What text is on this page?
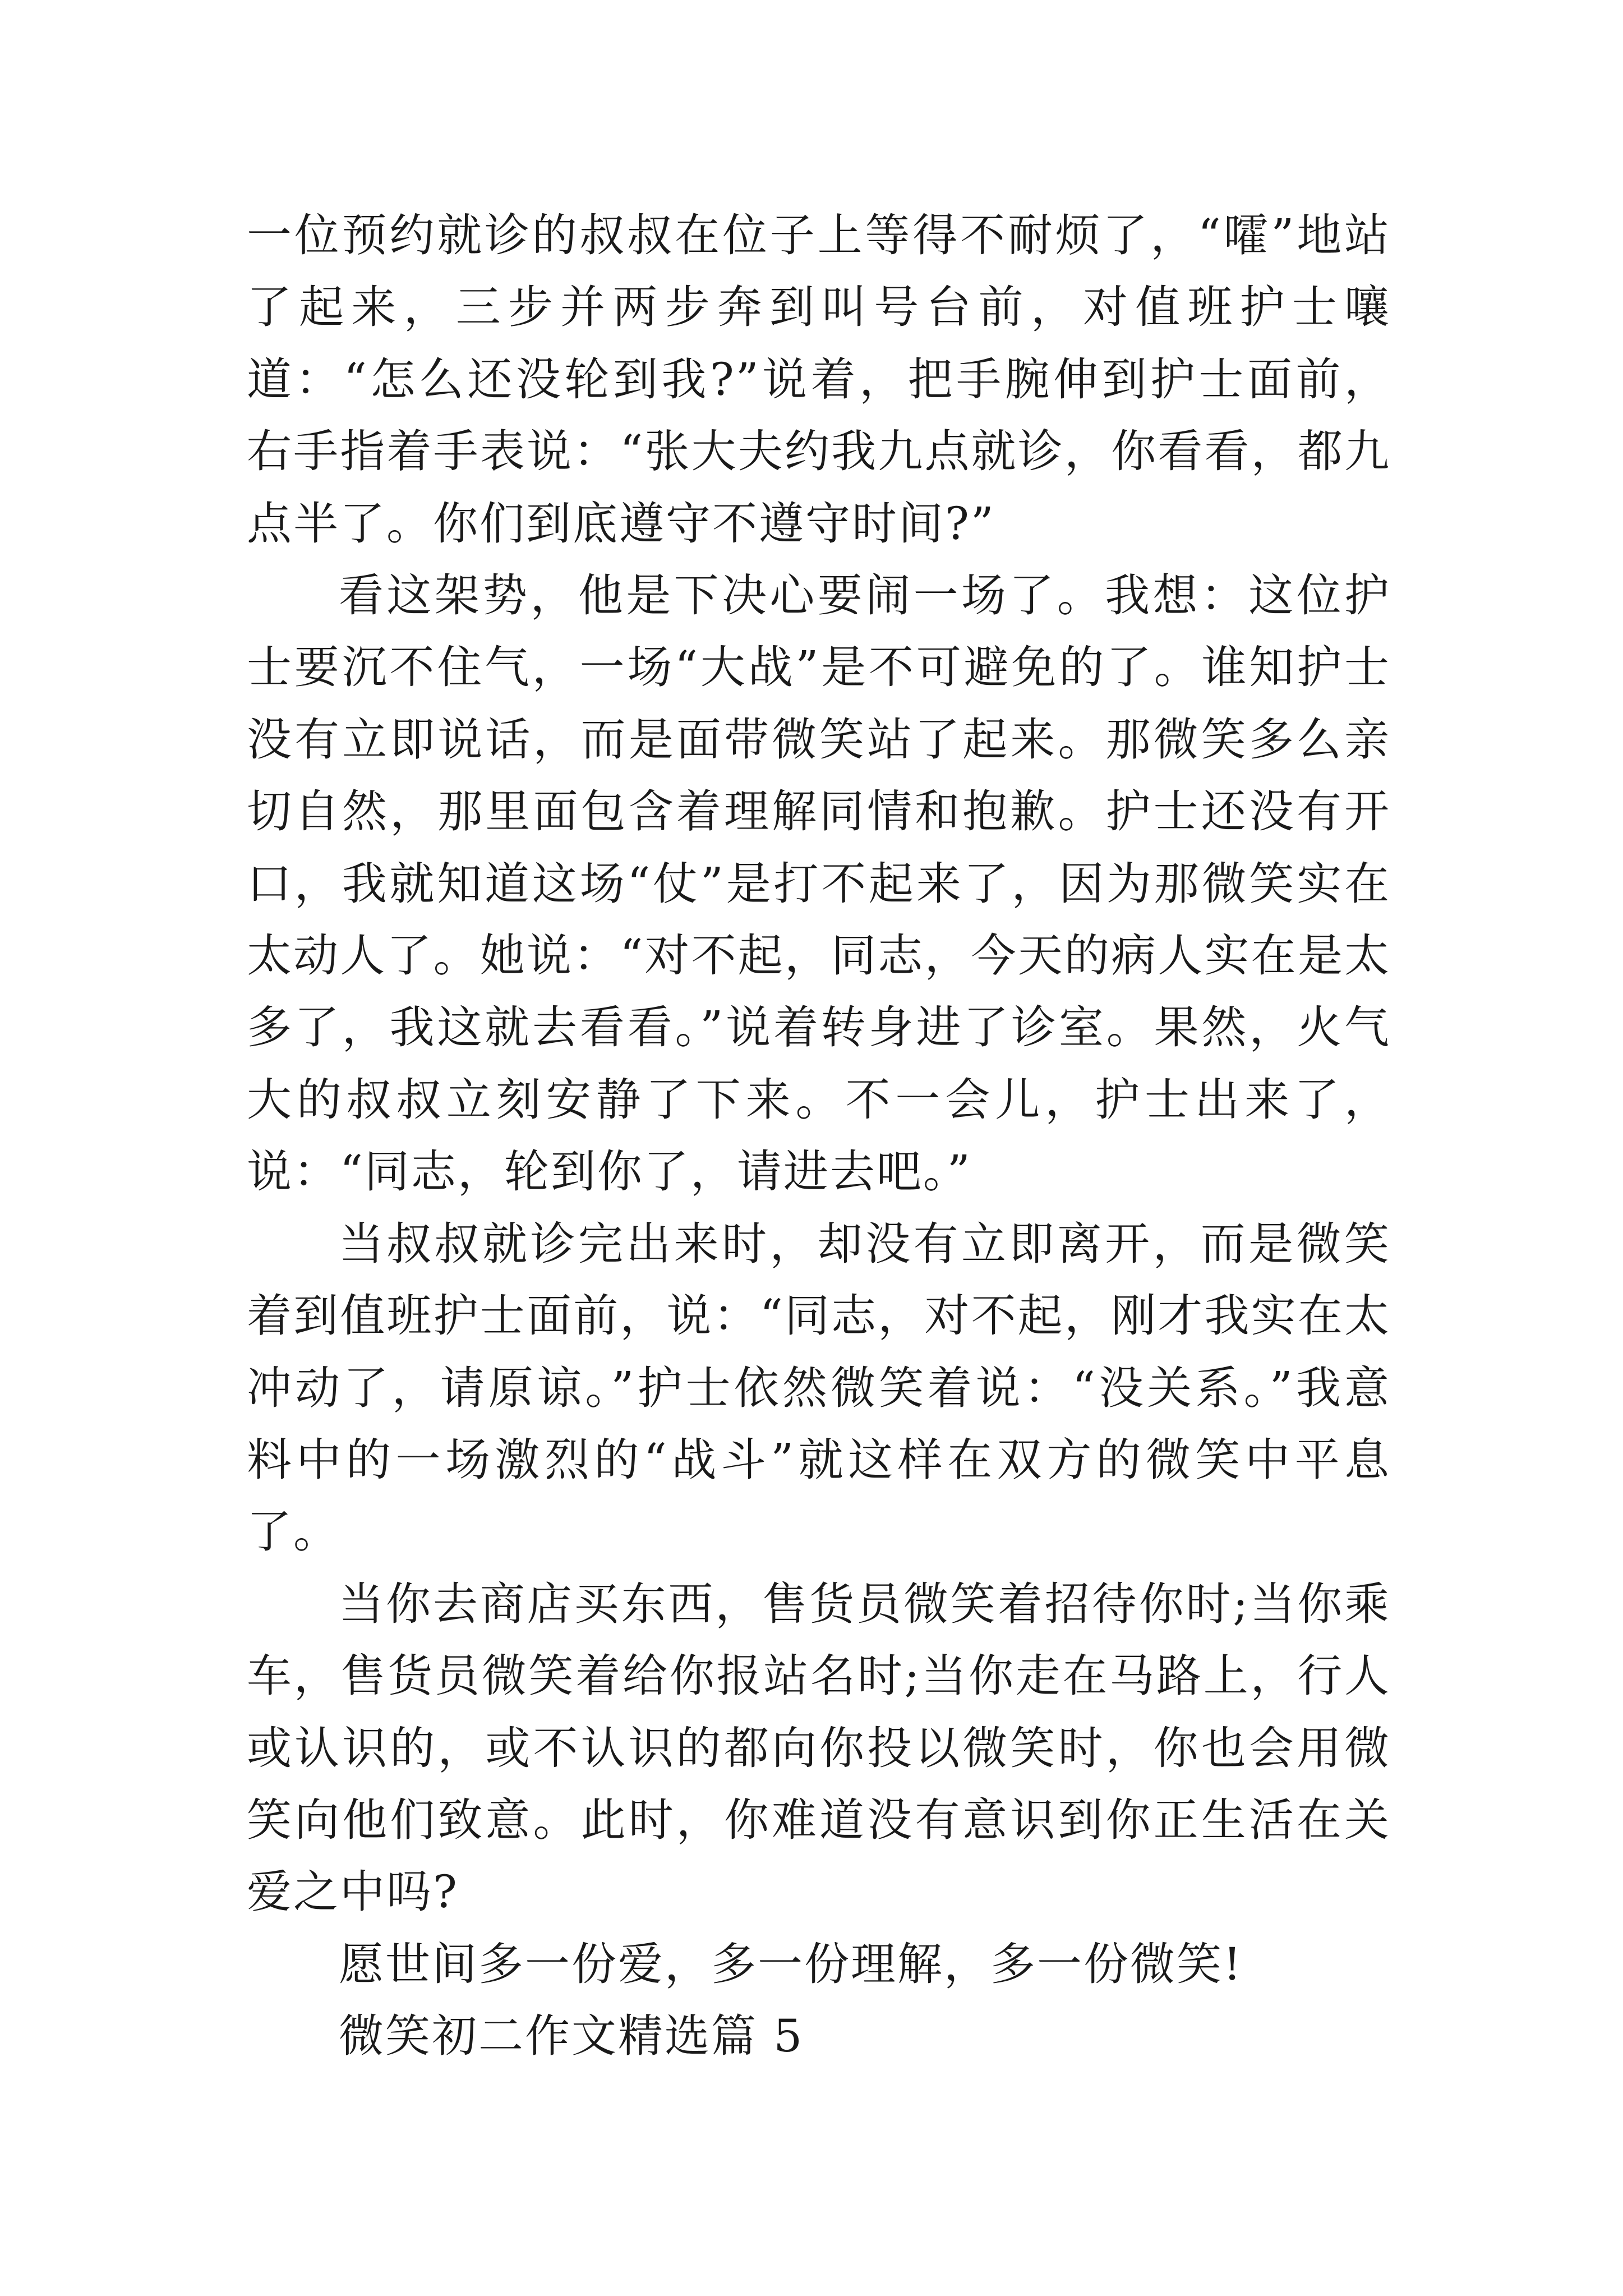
一位预约就诊的叔叔在位子上等得不耐烦了，“嚯”地站了起来，三步并两步奔到叫号台前，对值班护士嚷道：“怎么还没轮到我?”说着，把手腕伸到护士面前，右手指着手表说：“张大夫约我九点就诊，你看看，都九点半了。你们到底遵守不遵守时间?”

看这架势，他是下决心要闹一场了。我想：这位护士要沉不住气，一场“大战”是不可避免的了。谁知护士没有立即说话，而是面带微笑站了起来。那微笑多么亲切自然，那里面包含着理解同情和抱歉。护士还没有开口，我就知道这场“仗”是打不起来了，因为那微笑实在太动人了。她说：“对不起，同志，今天的病人实在是太多了，我这就去看看。”说着转身进了诊室。果然，火气大的叔叔立刻安静了下来。不一会儿，护士出来了，说：“同志，轮到你了，请进去吧。”

当叔叔就诊完出来时，却没有立即离开，而是微笑着到值班护士面前，说：“同志，对不起，刚才我实在太冲动了，请原谅。”护士依然微笑着说：“没关系。”我意料中的一场激烈的“战斗”就这样在双方的微笑中平息了。

当你去商店买东西，售货员微笑着招待你时;当你乘车，售货员微笑着给你报站名时;当你走在马路上，行人或认识的，或不认识的都向你投以微笑时，你也会用微笑向他们致意。此时，你难道没有意识到你正生活在关爱之中吗?

愿世间多一份爱，多一份理解，多一份微笑!

微笑初二作文精选篇 5
